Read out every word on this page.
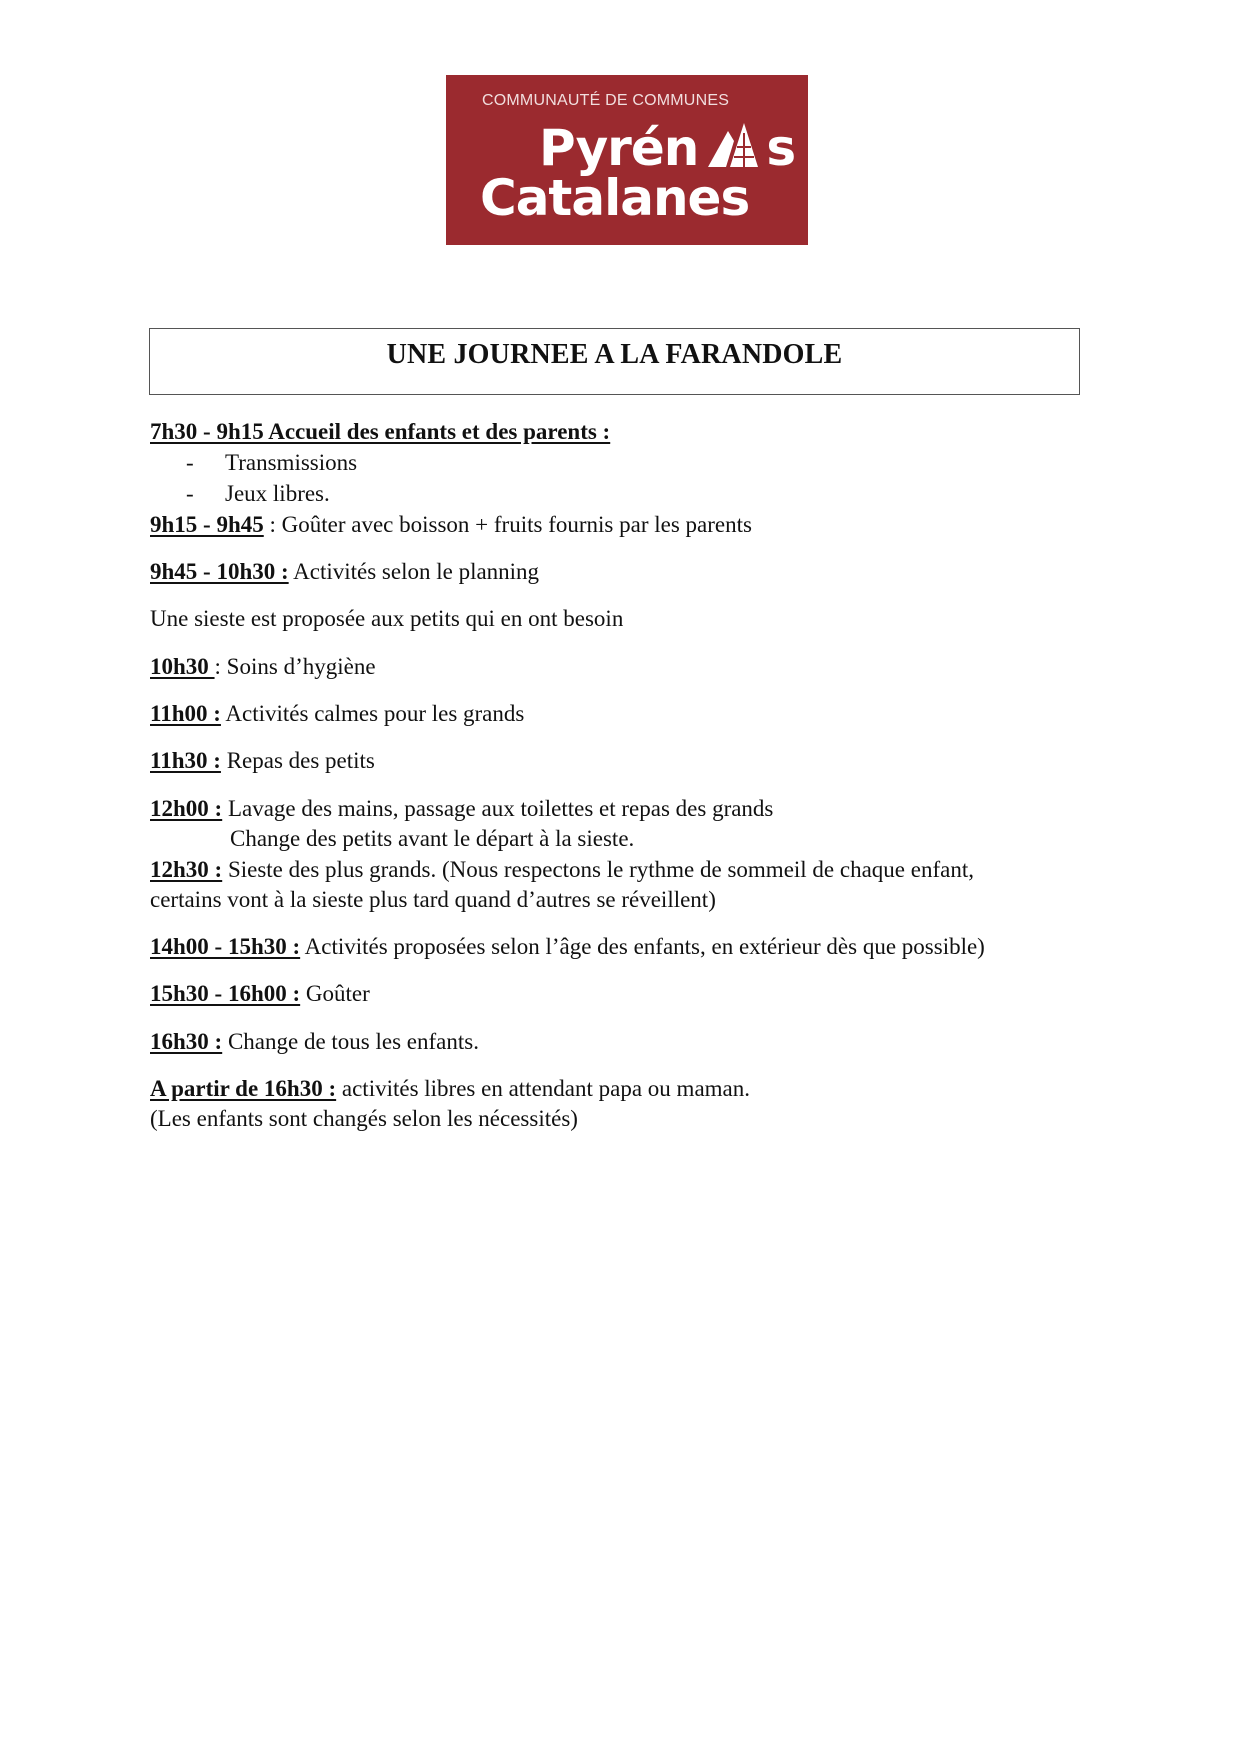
COMMUNAUTÉ DE COMMUNES
Pyrén s
Catalanes
UNE JOURNEE A LA FARANDOLE
7h30 - 9h15 Accueil des enfants et des parents :
- Transmissions
- Jeux libres.
9h15 - 9h45 : Goûter avec boisson + fruits fournis par les parents
9h45 - 10h30 : Activités selon le planning
Une sieste est proposée aux petits qui en ont besoin
10h30 : Soins d’hygiène
11h00 : Activités calmes pour les grands
11h30 : Repas des petits
12h00 : Lavage des mains, passage aux toilettes et repas des grands
Change des petits avant le départ à la sieste.
12h30 : Sieste des plus grands. (Nous respectons le rythme de sommeil de chaque enfant,
certains vont à la sieste plus tard quand d’autres se réveillent)
14h00 - 15h30 : Activités proposées selon l’âge des enfants, en extérieur dès que possible)
15h30 - 16h00 : Goûter
16h30 : Change de tous les enfants.
A partir de 16h30 : activités libres en attendant papa ou maman.
(Les enfants sont changés selon les nécessités)
